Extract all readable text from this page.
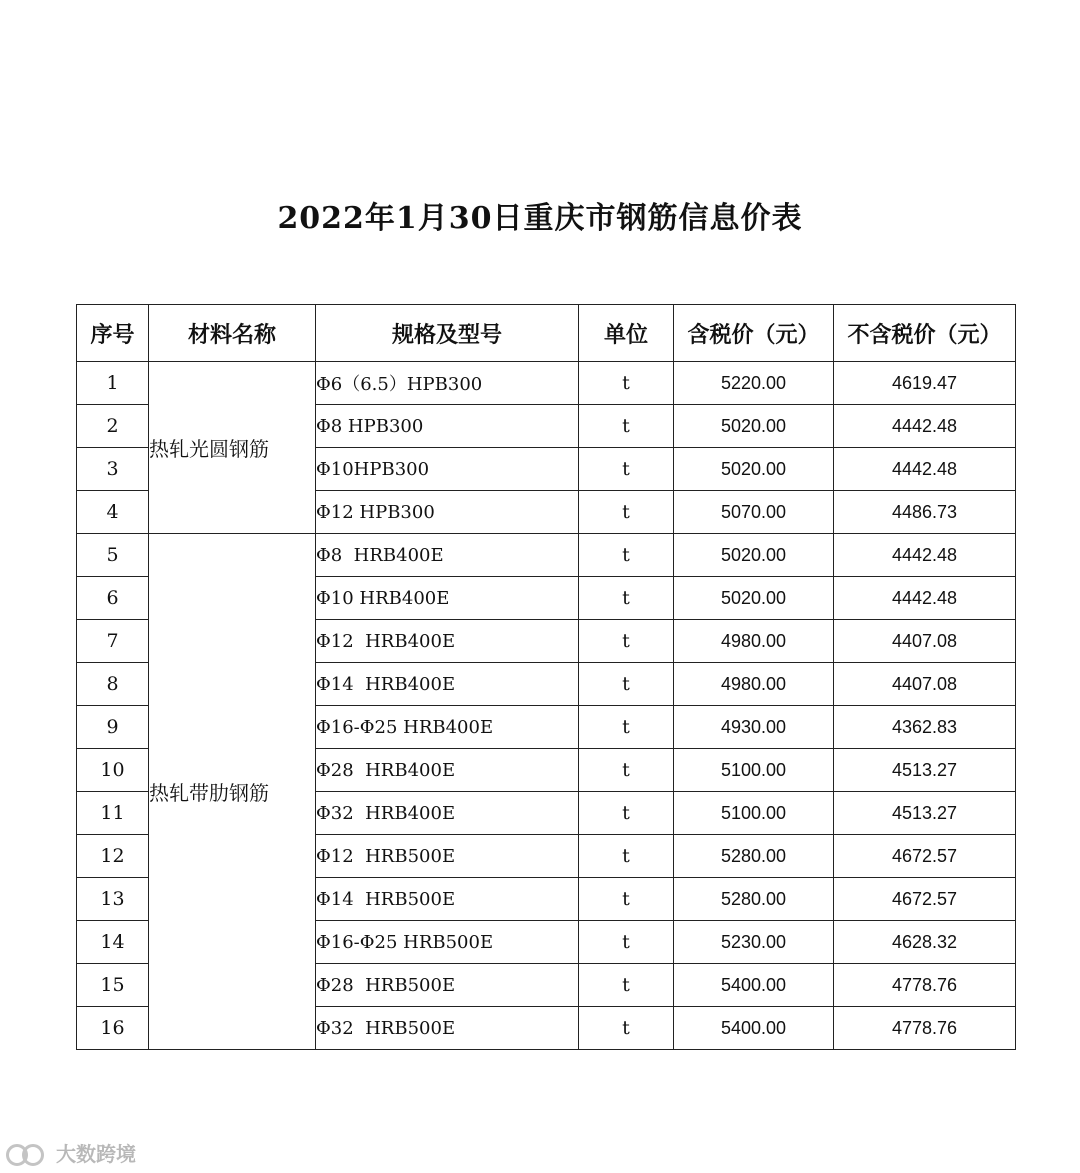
2022年1月30日重庆市钢筋信息价表
序号	材料名称	规格及型号	单位	含税价（元）	不含税价（元）
1	热轧光圆钢筋	Φ6（6.5）HPB300	t	5220.00	4619.47
2		Φ8 HPB300	t	5020.00	4442.48
3		Φ10HPB300	t	5020.00	4442.48
4		Φ12 HPB300	t	5070.00	4486.73
5	热轧带肋钢筋	Φ8  HRB400E	t	5020.00	4442.48
6		Φ10 HRB400E	t	5020.00	4442.48
7		Φ12  HRB400E	t	4980.00	4407.08
8		Φ14  HRB400E	t	4980.00	4407.08
9		Φ16-Φ25 HRB400E	t	4930.00	4362.83
10		Φ28  HRB400E	t	5100.00	4513.27
11		Φ32  HRB400E	t	5100.00	4513.27
12		Φ12  HRB500E	t	5280.00	4672.57
13		Φ14  HRB500E	t	5280.00	4672.57
14		Φ16-Φ25 HRB500E	t	5230.00	4628.32
15		Φ28  HRB500E	t	5400.00	4778.76
16		Φ32  HRB500E	t	5400.00	4778.76
大数跨境
